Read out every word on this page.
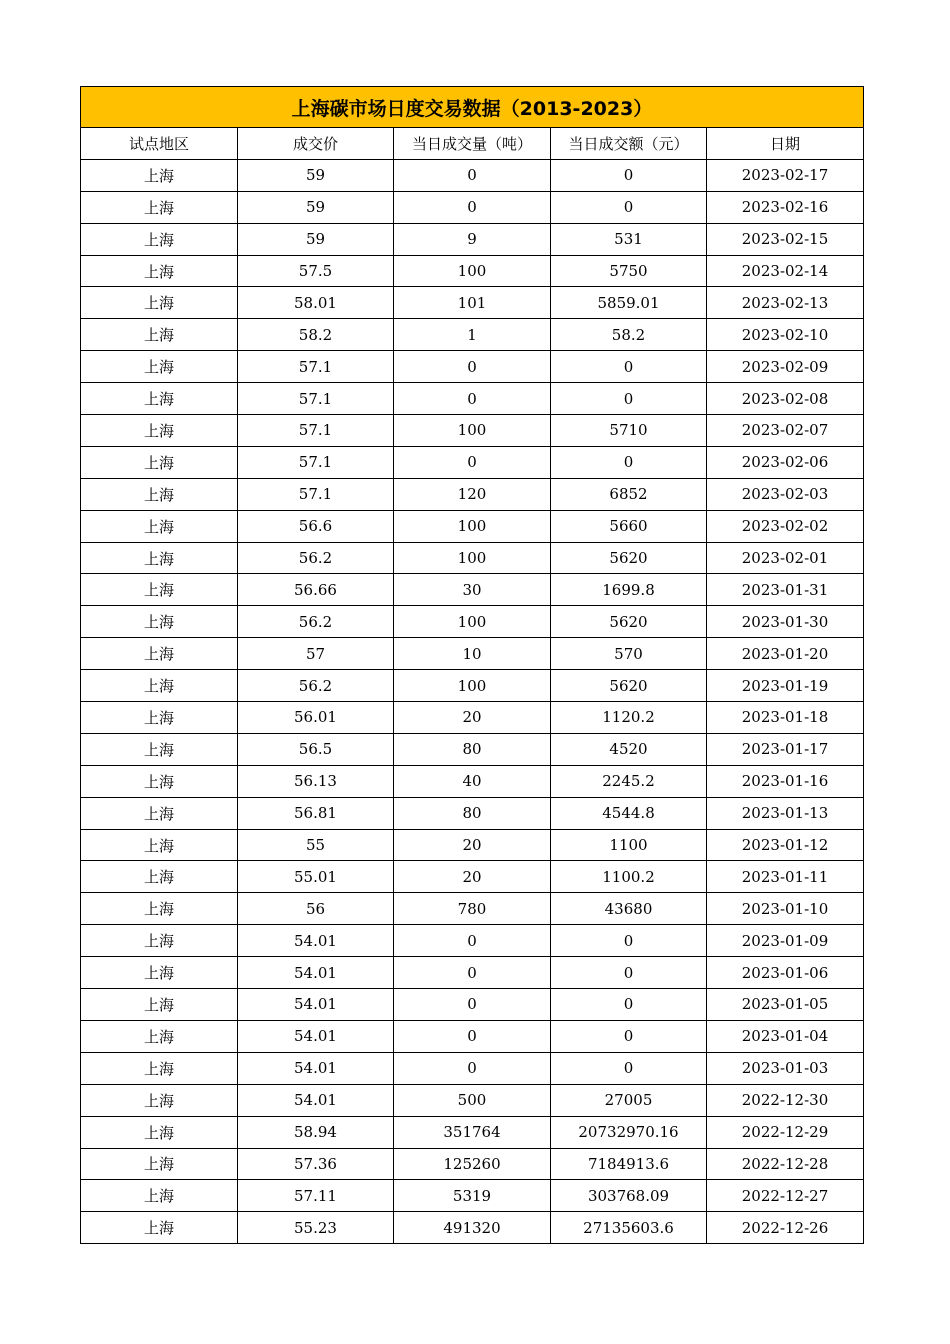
上海碳市场日度交易数据（2013-2023）				
试点地区	成交价	当日成交量（吨）	当日成交额（元）	日期
上海	59	0	0	2023-02-17
上海	59	0	0	2023-02-16
上海	59	9	531	2023-02-15
上海	57.5	100	5750	2023-02-14
上海	58.01	101	5859.01	2023-02-13
上海	58.2	1	58.2	2023-02-10
上海	57.1	0	0	2023-02-09
上海	57.1	0	0	2023-02-08
上海	57.1	100	5710	2023-02-07
上海	57.1	0	0	2023-02-06
上海	57.1	120	6852	2023-02-03
上海	56.6	100	5660	2023-02-02
上海	56.2	100	5620	2023-02-01
上海	56.66	30	1699.8	2023-01-31
上海	56.2	100	5620	2023-01-30
上海	57	10	570	2023-01-20
上海	56.2	100	5620	2023-01-19
上海	56.01	20	1120.2	2023-01-18
上海	56.5	80	4520	2023-01-17
上海	56.13	40	2245.2	2023-01-16
上海	56.81	80	4544.8	2023-01-13
上海	55	20	1100	2023-01-12
上海	55.01	20	1100.2	2023-01-11
上海	56	780	43680	2023-01-10
上海	54.01	0	0	2023-01-09
上海	54.01	0	0	2023-01-06
上海	54.01	0	0	2023-01-05
上海	54.01	0	0	2023-01-04
上海	54.01	0	0	2023-01-03
上海	54.01	500	27005	2022-12-30
上海	58.94	351764	20732970.16	2022-12-29
上海	57.36	125260	7184913.6	2022-12-28
上海	57.11	5319	303768.09	2022-12-27
上海	55.23	491320	27135603.6	2022-12-26
